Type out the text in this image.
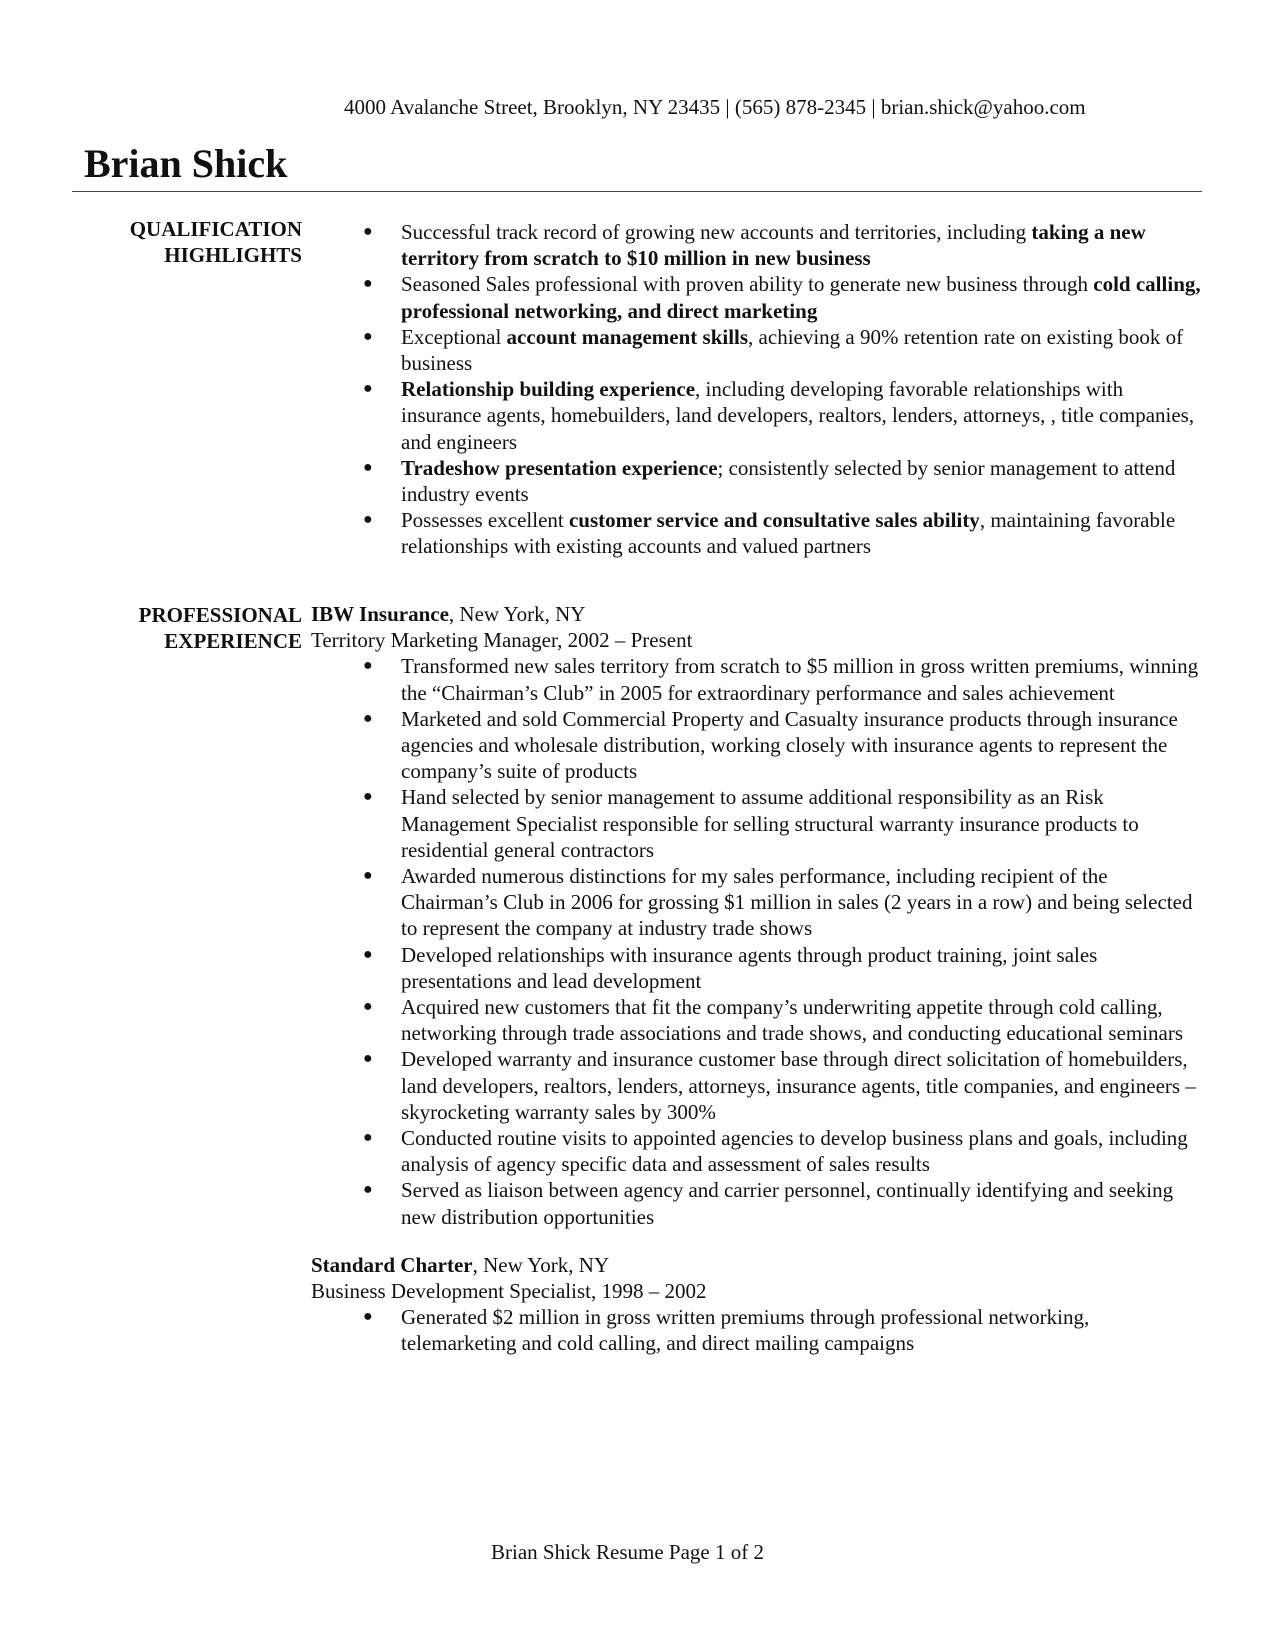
4000 Avalanche Street, Brooklyn, NY 23435 | (565) 878-2345 | brian.shick@yahoo.com
Brian Shick
QUALIFICATION
HIGHLIGHTS
● Successful track record of growing new accounts and territories, including taking a new territory from scratch to $10 million in new business
● Seasoned Sales professional with proven ability to generate new business through cold calling, professional networking, and direct marketing
● Exceptional account management skills, achieving a 90% retention rate on existing book of business
● Relationship building experience, including developing favorable relationships with insurance agents, homebuilders, land developers, realtors, lenders, attorneys, , title companies, and engineers
● Tradeshow presentation experience; consistently selected by senior management to attend industry events
● Possesses excellent customer service and consultative sales ability, maintaining favorable relationships with existing accounts and valued partners
PROFESSIONAL
EXPERIENCE
IBW Insurance, New York, NY
Territory Marketing Manager, 2002 – Present
● Transformed new sales territory from scratch to $5 million in gross written premiums, winning the “Chairman’s Club” in 2005 for extraordinary performance and sales achievement
● Marketed and sold Commercial Property and Casualty insurance products through insurance agencies and wholesale distribution, working closely with insurance agents to represent the company’s suite of products
● Hand selected by senior management to assume additional responsibility as an Risk Management Specialist responsible for selling structural warranty insurance products to residential general contractors
● Awarded numerous distinctions for my sales performance, including recipient of the Chairman’s Club in 2006 for grossing $1 million in sales (2 years in a row) and being selected to represent the company at industry trade shows
● Developed relationships with insurance agents through product training, joint sales presentations and lead development
● Acquired new customers that fit the company’s underwriting appetite through cold calling, networking through trade associations and trade shows, and conducting educational seminars
● Developed warranty and insurance customer base through direct solicitation of homebuilders, land developers, realtors, lenders, attorneys, insurance agents, title companies, and engineers – skyrocketing warranty sales by 300%
● Conducted routine visits to appointed agencies to develop business plans and goals, including analysis of agency specific data and assessment of sales results
● Served as liaison between agency and carrier personnel, continually identifying and seeking new distribution opportunities
Standard Charter, New York, NY
Business Development Specialist, 1998 – 2002
● Generated $2 million in gross written premiums through professional networking, telemarketing and cold calling, and direct mailing campaigns
Brian Shick Resume Page 1 of 2
